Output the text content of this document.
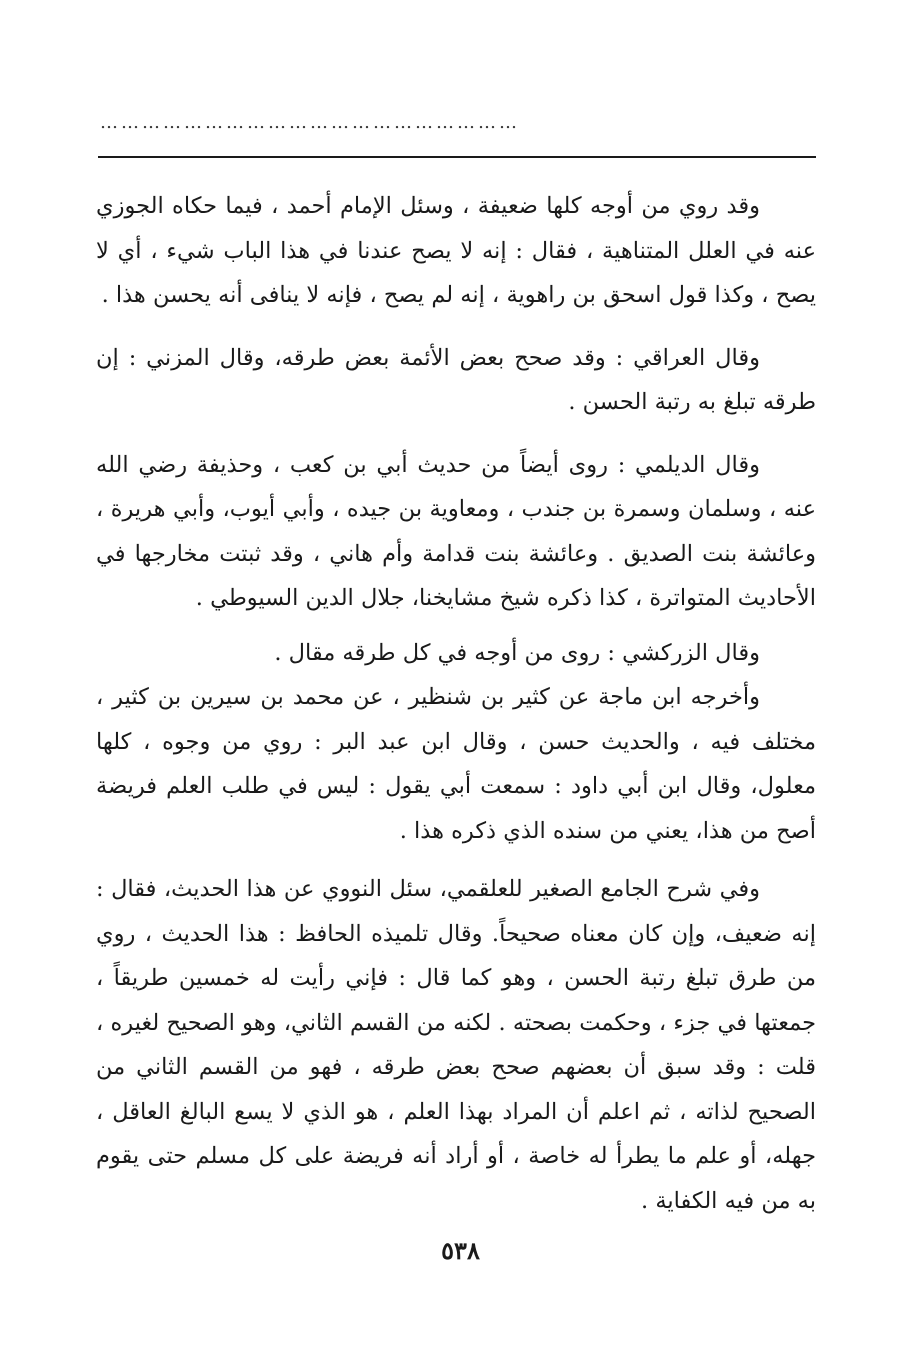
……………………………………………………

وقد روي من أوجه كلها ضعيفة ، وسئل الإمام أحمد ، فيما حكاه الجوزي عنه في العلل المتناهية ، فقال : إنه لا يصح عندنا في هذا الباب شيء ، أي لا يصح ، وكذا قول اسحق بن راهوية ، إنه لم يصح ، فإنه لا ينافى أنه يحسن هذا .

وقال العراقي : وقد صحح بعض الأئمة بعض طرقه، وقال المزني : إن طرقه تبلغ به رتبة الحسن .

وقال الديلمي : روى أيضاً من حديث أبي بن كعب ، وحذيفة رضي الله عنه ، وسلمان وسمرة بن جندب ، ومعاوية بن جيده ، وأبي أيوب، وأبي هريرة ، وعائشة بنت الصديق . وعائشة بنت قدامة وأم هاني ، وقد ثبتت مخارجها في الأحاديث المتواترة ، كذا ذكره شيخ مشايخنا، جلال الدين السيوطي .

وقال الزركشي : روى من أوجه في كل طرقه مقال .

وأخرجه ابن ماجة عن كثير بن شنظير ، عن محمد بن سيرين بن كثير ، مختلف فيه ، والحديث حسن ، وقال ابن عبد البر : روي من وجوه ، كلها معلول، وقال ابن أبي داود : سمعت أبي يقول : ليس في طلب العلم فريضة أصح من هذا، يعني من سنده الذي ذكره هذا .

وفي شرح الجامع الصغير للعلقمي، سئل النووي عن هذا الحديث، فقال : إنه ضعيف، وإن كان معناه صحيحاً. وقال تلميذه الحافظ : هذا الحديث ، روي من طرق تبلغ رتبة الحسن ، وهو كما قال : فإني رأيت له خمسين طريقاً ، جمعتها في جزء ، وحكمت بصحته . لكنه من القسم الثاني، وهو الصحيح لغيره ، قلت : وقد سبق أن بعضهم صحح بعض طرقه ، فهو من القسم الثاني من الصحيح لذاته ، ثم اعلم أن المراد بهذا العلم ، هو الذي لا يسع البالغ العاقل ، جهله، أو علم ما يطرأ له خاصة ، أو أراد أنه فريضة على كل مسلم حتى يقوم به من فيه الكفاية .

٥٣٨
